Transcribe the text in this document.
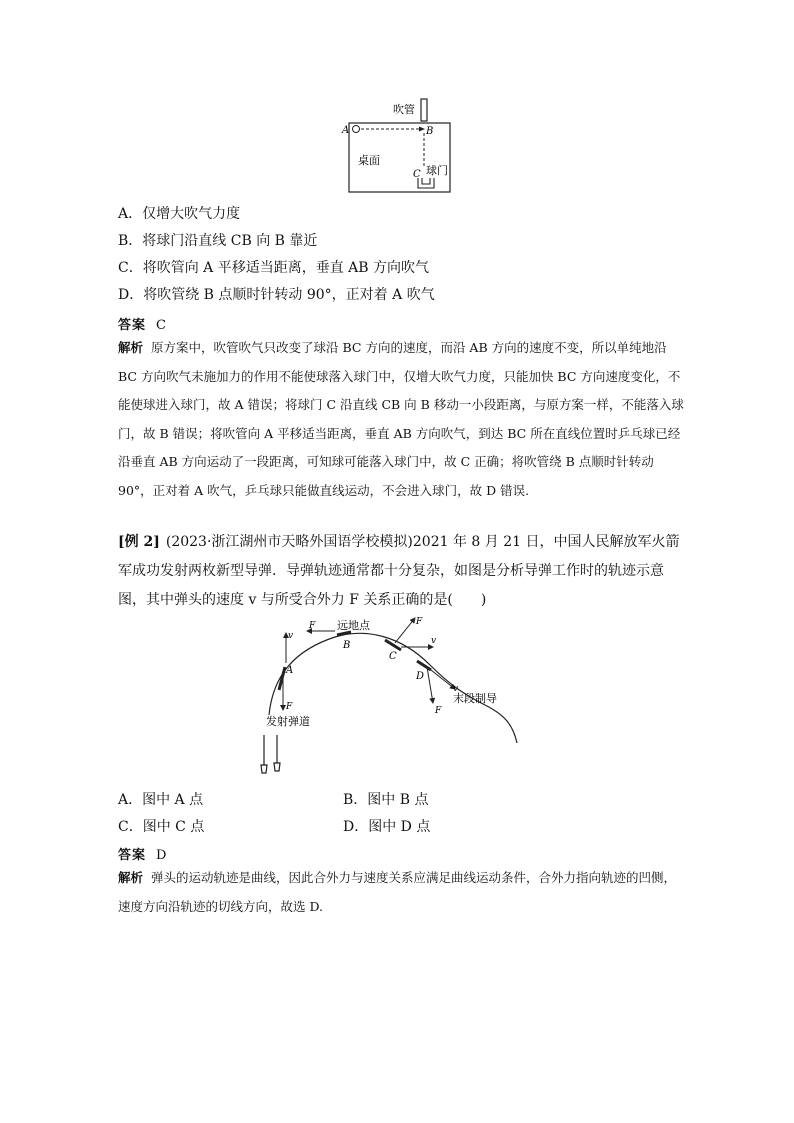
吹管
A	B
桌面
C 球门
A．仅增大吹气力度
B．将球门沿直线 CB 向 B 靠近
C．将吹管向 A 平移适当距离，垂直 AB 方向吹气
D．将吹管绕 B 点顺时针转动 90°，正对着 A 吹气
答案 C
解析 原方案中，吹管吹气只改变了球沿 BC 方向的速度，而沿 AB 方向的速度不变，所以单纯地沿 BC 方向吹气未施加力的作用不能使球落入球门中，仅增大吹气力度，只能加快 BC 方向速度变化，不能使球进入球门，故 A 错误；将球门 C 沿直线 CB 向 B 移动一小段距离，与原方案一样，不能落入球门，故 B 错误；将吹管向 A 平移适当距离，垂直 AB 方向吹气，到达 BC 所在直线位置时乒乓球已经沿垂直 AB 方向运动了一段距离，可知球可能落入球门中，故 C 正确；将吹管绕 B 点顺时针转动 90°，正对着 A 吹气，乒乓球只能做直线运动，不会进入球门，故 D 错误.
[例 2] (2023·浙江湖州市天略外国语学校模拟)2021 年 8 月 21 日，中国人民解放军火箭军成功发射两枚新型导弹．导弹轨迹通常都十分复杂，如图是分析导弹工作时的轨迹示意图，其中弹头的速度 v 与所受合外力 F 关系正确的是(　　)
v
F
A
F 远地点
B
F
v
C
F
v
D
末段制导
发射弹道
A．图中 A 点	B．图中 B 点
C．图中 C 点	D．图中 D 点
答案 D
解析 弹头的运动轨迹是曲线，因此合外力与速度关系应满足曲线运动条件，合外力指向轨迹的凹侧，速度方向沿轨迹的切线方向，故选 D.
